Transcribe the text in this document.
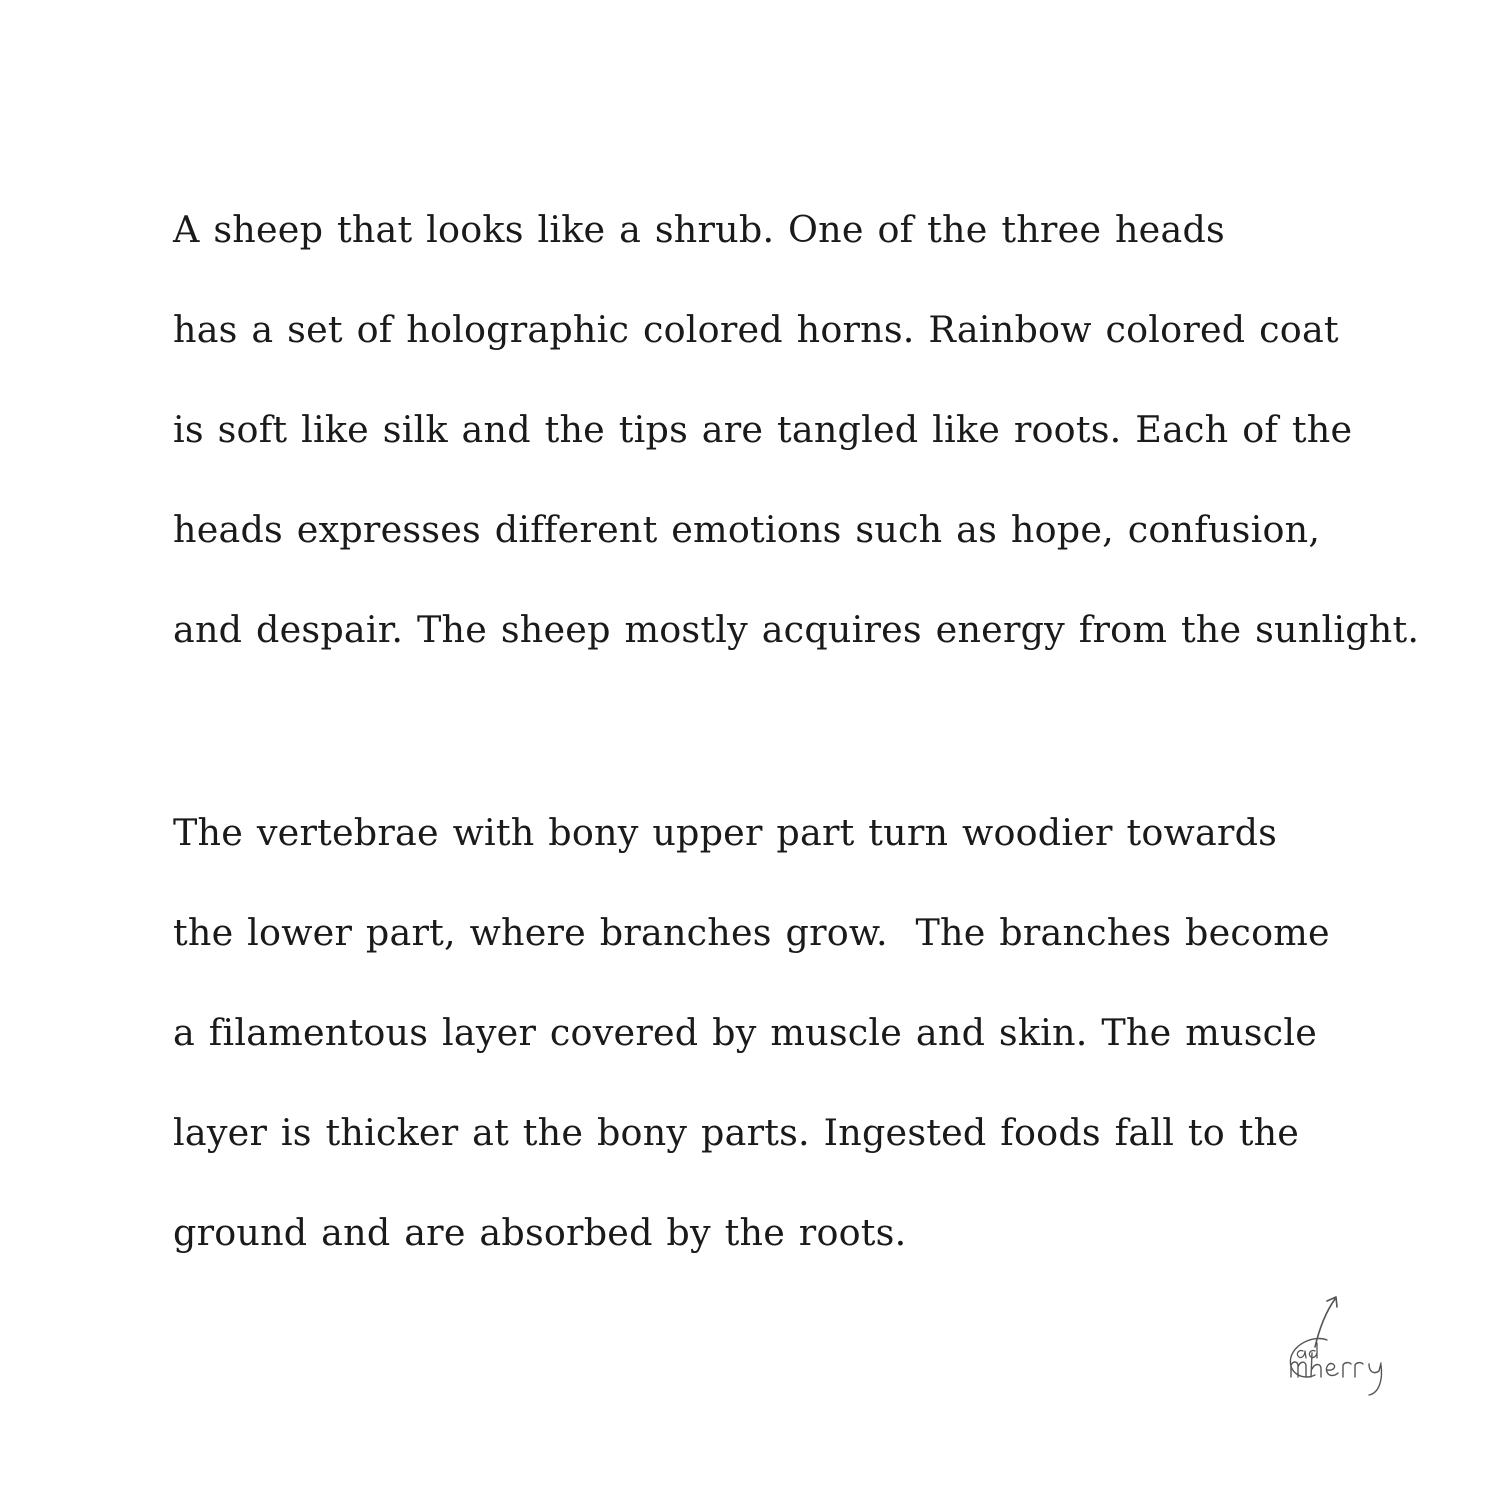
A sheep that looks like a shrub. One of the three heads
has a set of holographic colored horns. Rainbow colored coat
is soft like silk and the tips are tangled like roots. Each of the
heads expresses different emotions such as hope, confusion,
and despair. The sheep mostly acquires energy from the sunlight.
The vertebrae with bony upper part turn woodier towards
the lower part, where branches grow.  The branches become
a filamentous layer covered by muscle and skin. The muscle
layer is thicker at the bony parts. Ingested foods fall to the
ground and are absorbed by the roots.
